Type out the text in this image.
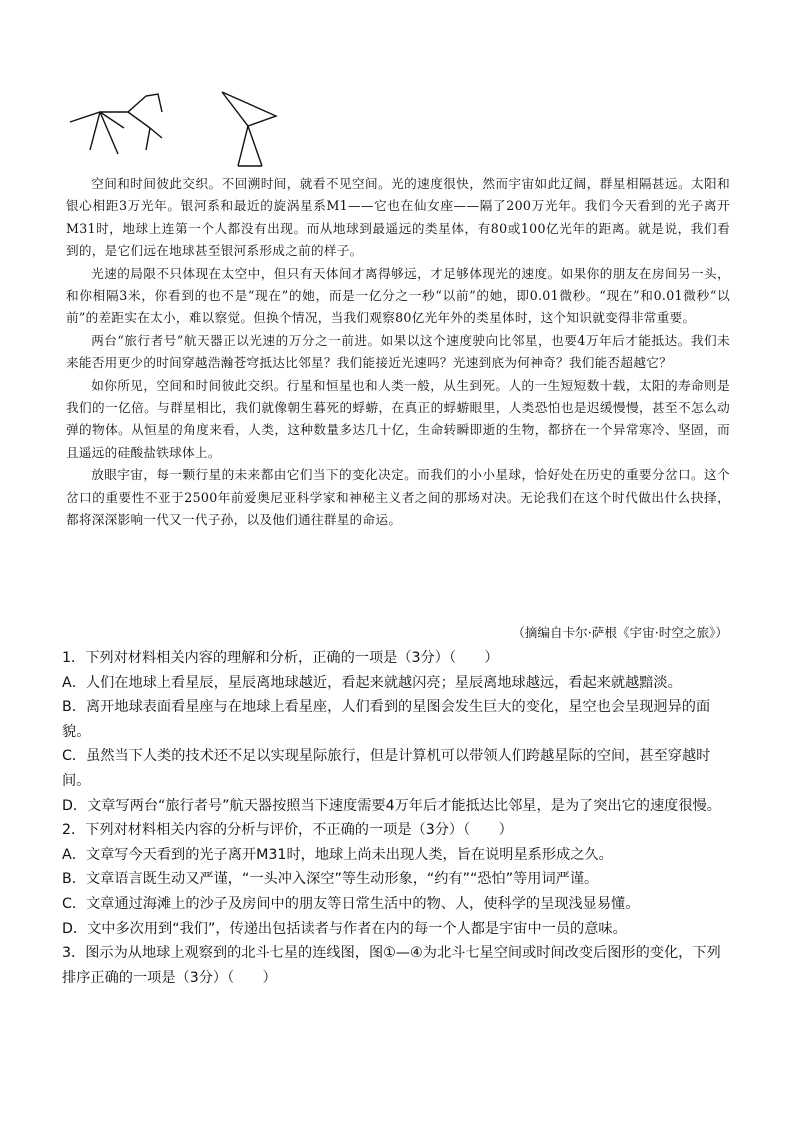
空间和时间彼此交织。不回溯时间，就看不见空间。光的速度很快，然而宇宙如此辽阔，群星相隔甚远。太阳和银心相距3万光年。银河系和最近的旋涡星系M1——它也在仙女座——隔了200万光年。我们今天看到的光子离开M31时，地球上连第一个人都没有出现。而从地球到最遥远的类星体，有80或100亿光年的距离。就是说，我们看到的，是它们远在地球甚至银河系形成之前的样子。

光速的局限不只体现在太空中，但只有天体间才离得够远，才足够体现光的速度。如果你的朋友在房间另一头，和你相隔3米，你看到的也不是“现在”的她，而是一亿分之一秒“以前”的她，即0.01微秒。“现在”和0.01微秒“以前”的差距实在太小，难以察觉。但换个情况，当我们观察80亿光年外的类星体时，这个知识就变得非常重要。

两台“旅行者号”航天器正以光速的万分之一前进。如果以这个速度驶向比邻星，也要4万年后才能抵达。我们未来能否用更少的时间穿越浩瀚苍穹抵达比邻星？我们能接近光速吗？光速到底为何神奇？我们能否超越它？

如你所见，空间和时间彼此交织。行星和恒星也和人类一般，从生到死。人的一生短短数十载，太阳的寿命则是我们的一亿倍。与群星相比，我们就像朝生暮死的蜉蝣，在真正的蜉蝣眼里，人类恐怕也是迟缓慢慢，甚至不怎么动弹的物体。从恒星的角度来看，人类，这种数量多达几十亿，生命转瞬即逝的生物，都挤在一个异常寒冷、坚固，而且遥远的硅酸盐铁球体上。

放眼宇宙，每一颗行星的未来都由它们当下的变化决定。而我们的小小星球，恰好处在历史的重要分岔口。这个岔口的重要性不亚于2500年前爱奥尼亚科学家和神秘主义者之间的那场对决。无论我们在这个时代做出什么抉择，都将深深影响一代又一代子孙，以及他们通往群星的命运。

（摘编自卡尔·萨根《宇宙·时空之旅》）

1．下列对材料相关内容的理解和分析，正确的一项是（3分）（　　）

A．人们在地球上看星辰，星辰离地球越近，看起来就越闪亮；星辰离地球越远，看起来就越黯淡。

B．离开地球表面看星座与在地球上看星座，人们看到的星图会发生巨大的变化，星空也会呈现迥异的面貌。

C．虽然当下人类的技术还不足以实现星际旅行，但是计算机可以带领人们跨越星际的空间，甚至穿越时间。

D．文章写两台“旅行者号”航天器按照当下速度需要4万年后才能抵达比邻星，是为了突出它的速度很慢。

2．下列对材料相关内容的分析与评价，不正确的一项是（3分）（　　）

A．文章写今天看到的光子离开M31时，地球上尚未出现人类，旨在说明星系形成之久。

B．文章语言既生动又严谨，“一头冲入深空”等生动形象，“约有”“恐怕”等用词严谨。

C．文章通过海滩上的沙子及房间中的朋友等日常生活中的物、人，使科学的呈现浅显易懂。

D．文中多次用到“我们”，传递出包括读者与作者在内的每一个人都是宇宙中一员的意味。

3．图示为从地球上观察到的北斗七星的连线图，图①—④为北斗七星空间或时间改变后图形的变化，下列排序正确的一项是（3分）（　　）
